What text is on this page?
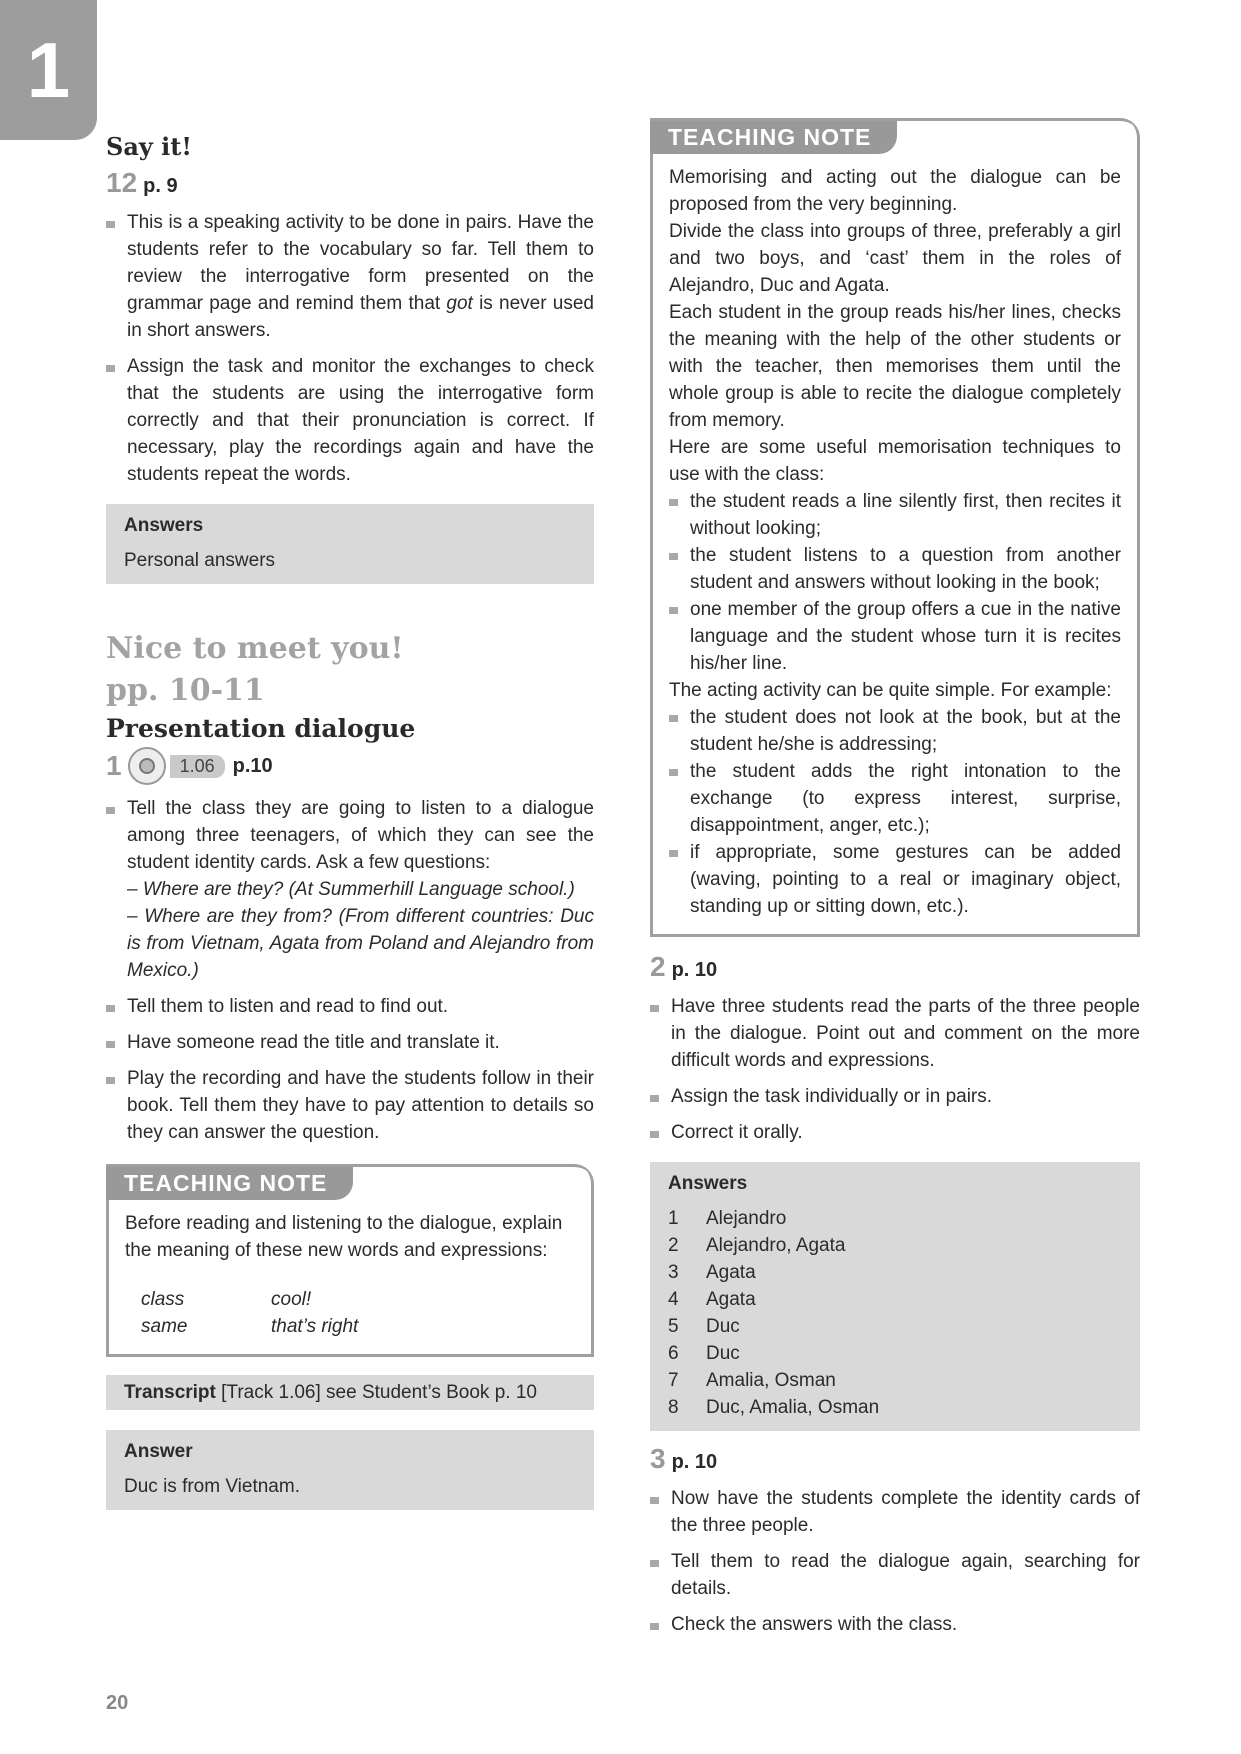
1
Say it!
12 p. 9
This is a speaking activity to be done in pairs. Have the students refer to the vocabulary so far. Tell them to review the interrogative form presented on the grammar page and remind them that got is never used in short answers.
Assign the task and monitor the exchanges to check that the students are using the interrogative form correctly and that their pronunciation is correct. If necessary, play the recordings again and have the students repeat the words.
Answers
Personal answers
Nice to meet you!
pp. 10-11
Presentation dialogue
1	1.06 p.10
Tell the class they are going to listen to a dialogue among three teenagers, of which they can see the student identity cards. Ask a few questions:
– Where are they? (At Summerhill Language school.)
– Where are they from? (From different countries: Duc is from Vietnam, Agata from Poland and Alejandro from Mexico.)
Tell them to listen and read to find out.
Have someone read the title and translate it.
Play the recording and have the students follow in their book. Tell them they have to pay attention to details so they can answer the question.
TEACHING NOTE

Before reading and listening to the dialogue, explain the meaning of these new words and expressions:

class	cool!
same	that’s right
Transcript [Track 1.06] see Student’s Book p. 10
Answer
Duc is from Vietnam.
TEACHING NOTE

Memorising and acting out the dialogue can be proposed from the very beginning.

Divide the class into groups of three, preferably a girl and two boys, and ‘cast’ them in the roles of Alejandro, Duc and Agata.

Each student in the group reads his/her lines, checks the meaning with the help of the other students or with the teacher, then memorises them until the whole group is able to recite the dialogue completely from memory.

Here are some useful memorisation techniques to use with the class:

the student reads a line silently first, then recites it without looking;
the student listens to a question from another student and answers without looking in the book;
one member of the group offers a cue in the native language and the student whose turn it is recites his/her line.

The acting activity can be quite simple. For example:

the student does not look at the book, but at the student he/she is addressing;
the student adds the right intonation to the exchange (to express interest, surprise, disappointment, anger, etc.);
if appropriate, some gestures can be added (waving, pointing to a real or imaginary object, standing up or sitting down, etc.).
2 p. 10
Have three students read the parts of the three people in the dialogue. Point out and comment on the more difficult words and expressions.
Assign the task individually or in pairs.
Correct it orally.
Answers
1	Alejandro
2	Alejandro, Agata
3	Agata
4	Agata
5	Duc
6	Duc
7	Amalia, Osman
8	Duc, Amalia, Osman
3 p. 10
Now have the students complete the identity cards of the three people.
Tell them to read the dialogue again, searching for details.
Check the answers with the class.
20
